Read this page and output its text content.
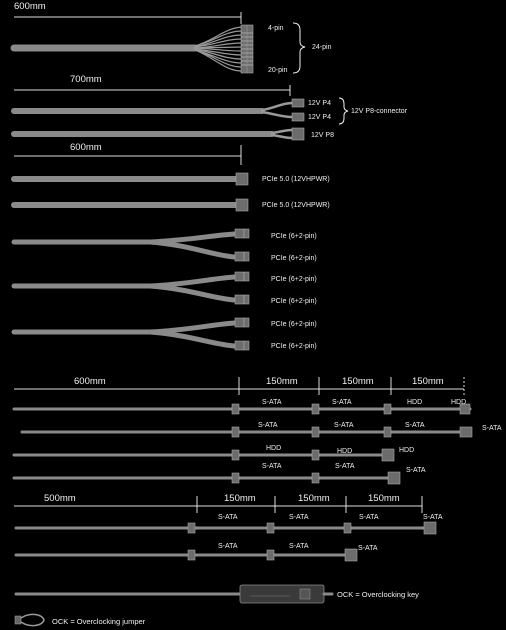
600mm
4-pin
24-pin
20-pin
700mm
12V P4
12V P4
12V P8-connector
12V P8
600mm
PCIe 5.0 (12VHPWR)
PCIe 5.0 (12VHPWR)
PCIe (6+2-pin)
PCIe (6+2-pin)
PCIe (6+2-pin)
PCIe (6+2-pin)
PCIe (6+2-pin)
PCIe (6+2-pin)
600mm	150mm	150mm	150mm
S-ATA	S-ATA	HDD	HDD
S-ATA	S-ATA	S-ATA	S-ATA
HDD	HDD	HDD
S-ATA	S-ATA
S-ATA
500mm	150mm	150mm	150mm
S-ATA	S-ATA	S-ATA	S-ATA
S-ATA	S-ATA	S-ATA
OCK = Overclocking key
OCK = Overclocking jumper
